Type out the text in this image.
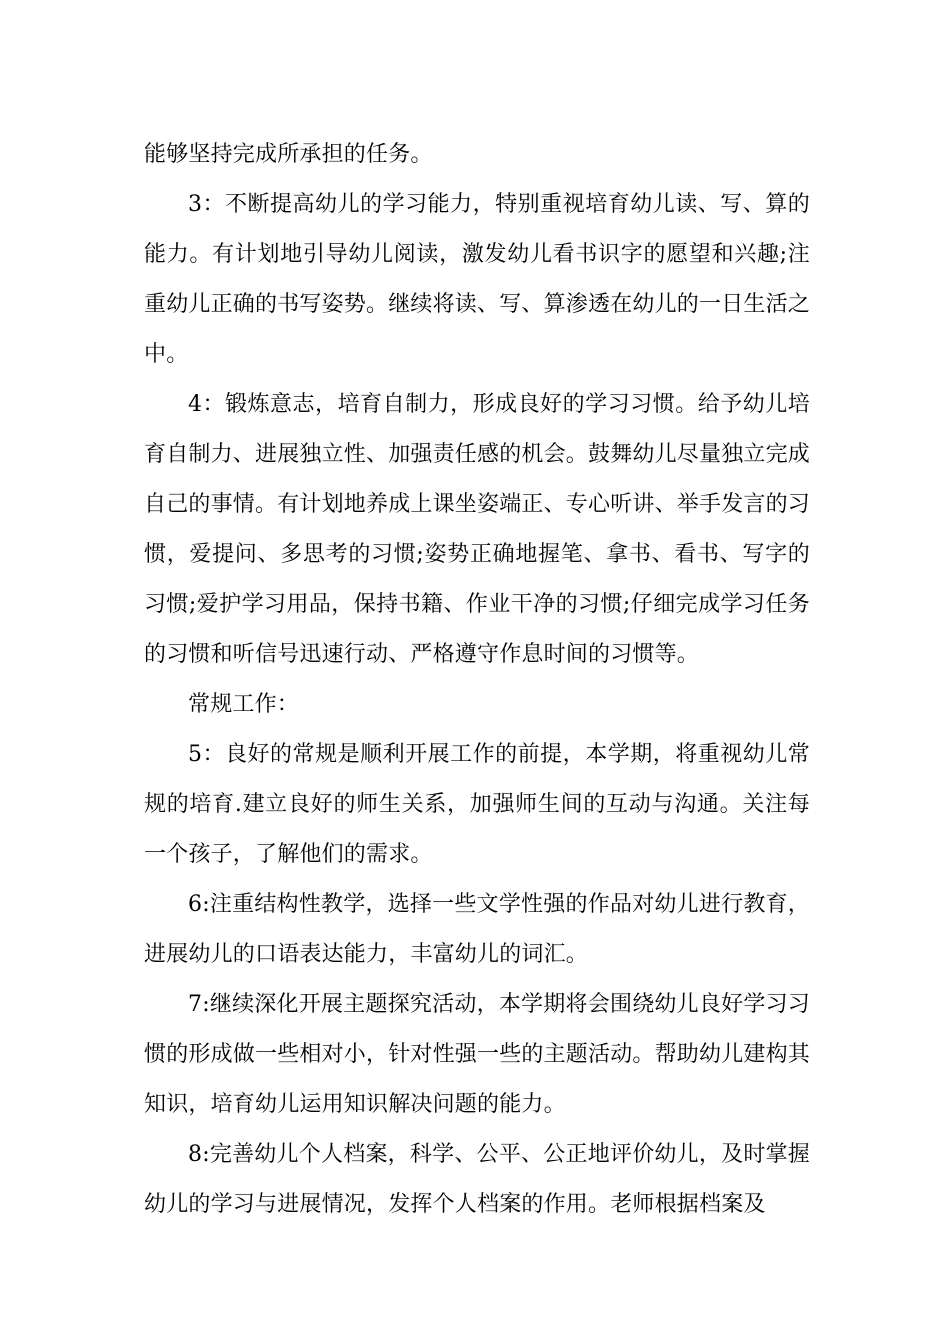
能够坚持完成所承担的任务。

3：不断提高幼儿的学习能力，特别重视培育幼儿读、写、算的能力。有计划地引导幼儿阅读，激发幼儿看书识字的愿望和兴趣;注重幼儿正确的书写姿势。继续将读、写、算渗透在幼儿的一日生活之中。

4：锻炼意志，培育自制力，形成良好的学习习惯。给予幼儿培育自制力、进展独立性、加强责任感的机会。鼓舞幼儿尽量独立完成自己的事情。有计划地养成上课坐姿端正、专心听讲、举手发言的习惯，爱提问、多思考的习惯;姿势正确地握笔、拿书、看书、写字的习惯;爱护学习用品，保持书籍、作业干净的习惯;仔细完成学习任务的习惯和听信号迅速行动、严格遵守作息时间的习惯等。

常规工作：

5：良好的常规是顺利开展工作的前提，本学期，将重视幼儿常规的培育.建立良好的师生关系，加强师生间的互动与沟通。关注每一个孩子，了解他们的需求。

6:注重结构性教学，选择一些文学性强的作品对幼儿进行教育，进展幼儿的口语表达能力，丰富幼儿的词汇。

7:继续深化开展主题探究活动，本学期将会围绕幼儿良好学习习惯的形成做一些相对小，针对性强一些的主题活动。帮助幼儿建构其知识，培育幼儿运用知识解决问题的能力。

8:完善幼儿个人档案，科学、公平、公正地评价幼儿，及时掌握幼儿的学习与进展情况，发挥个人档案的作用。老师根据档案及
